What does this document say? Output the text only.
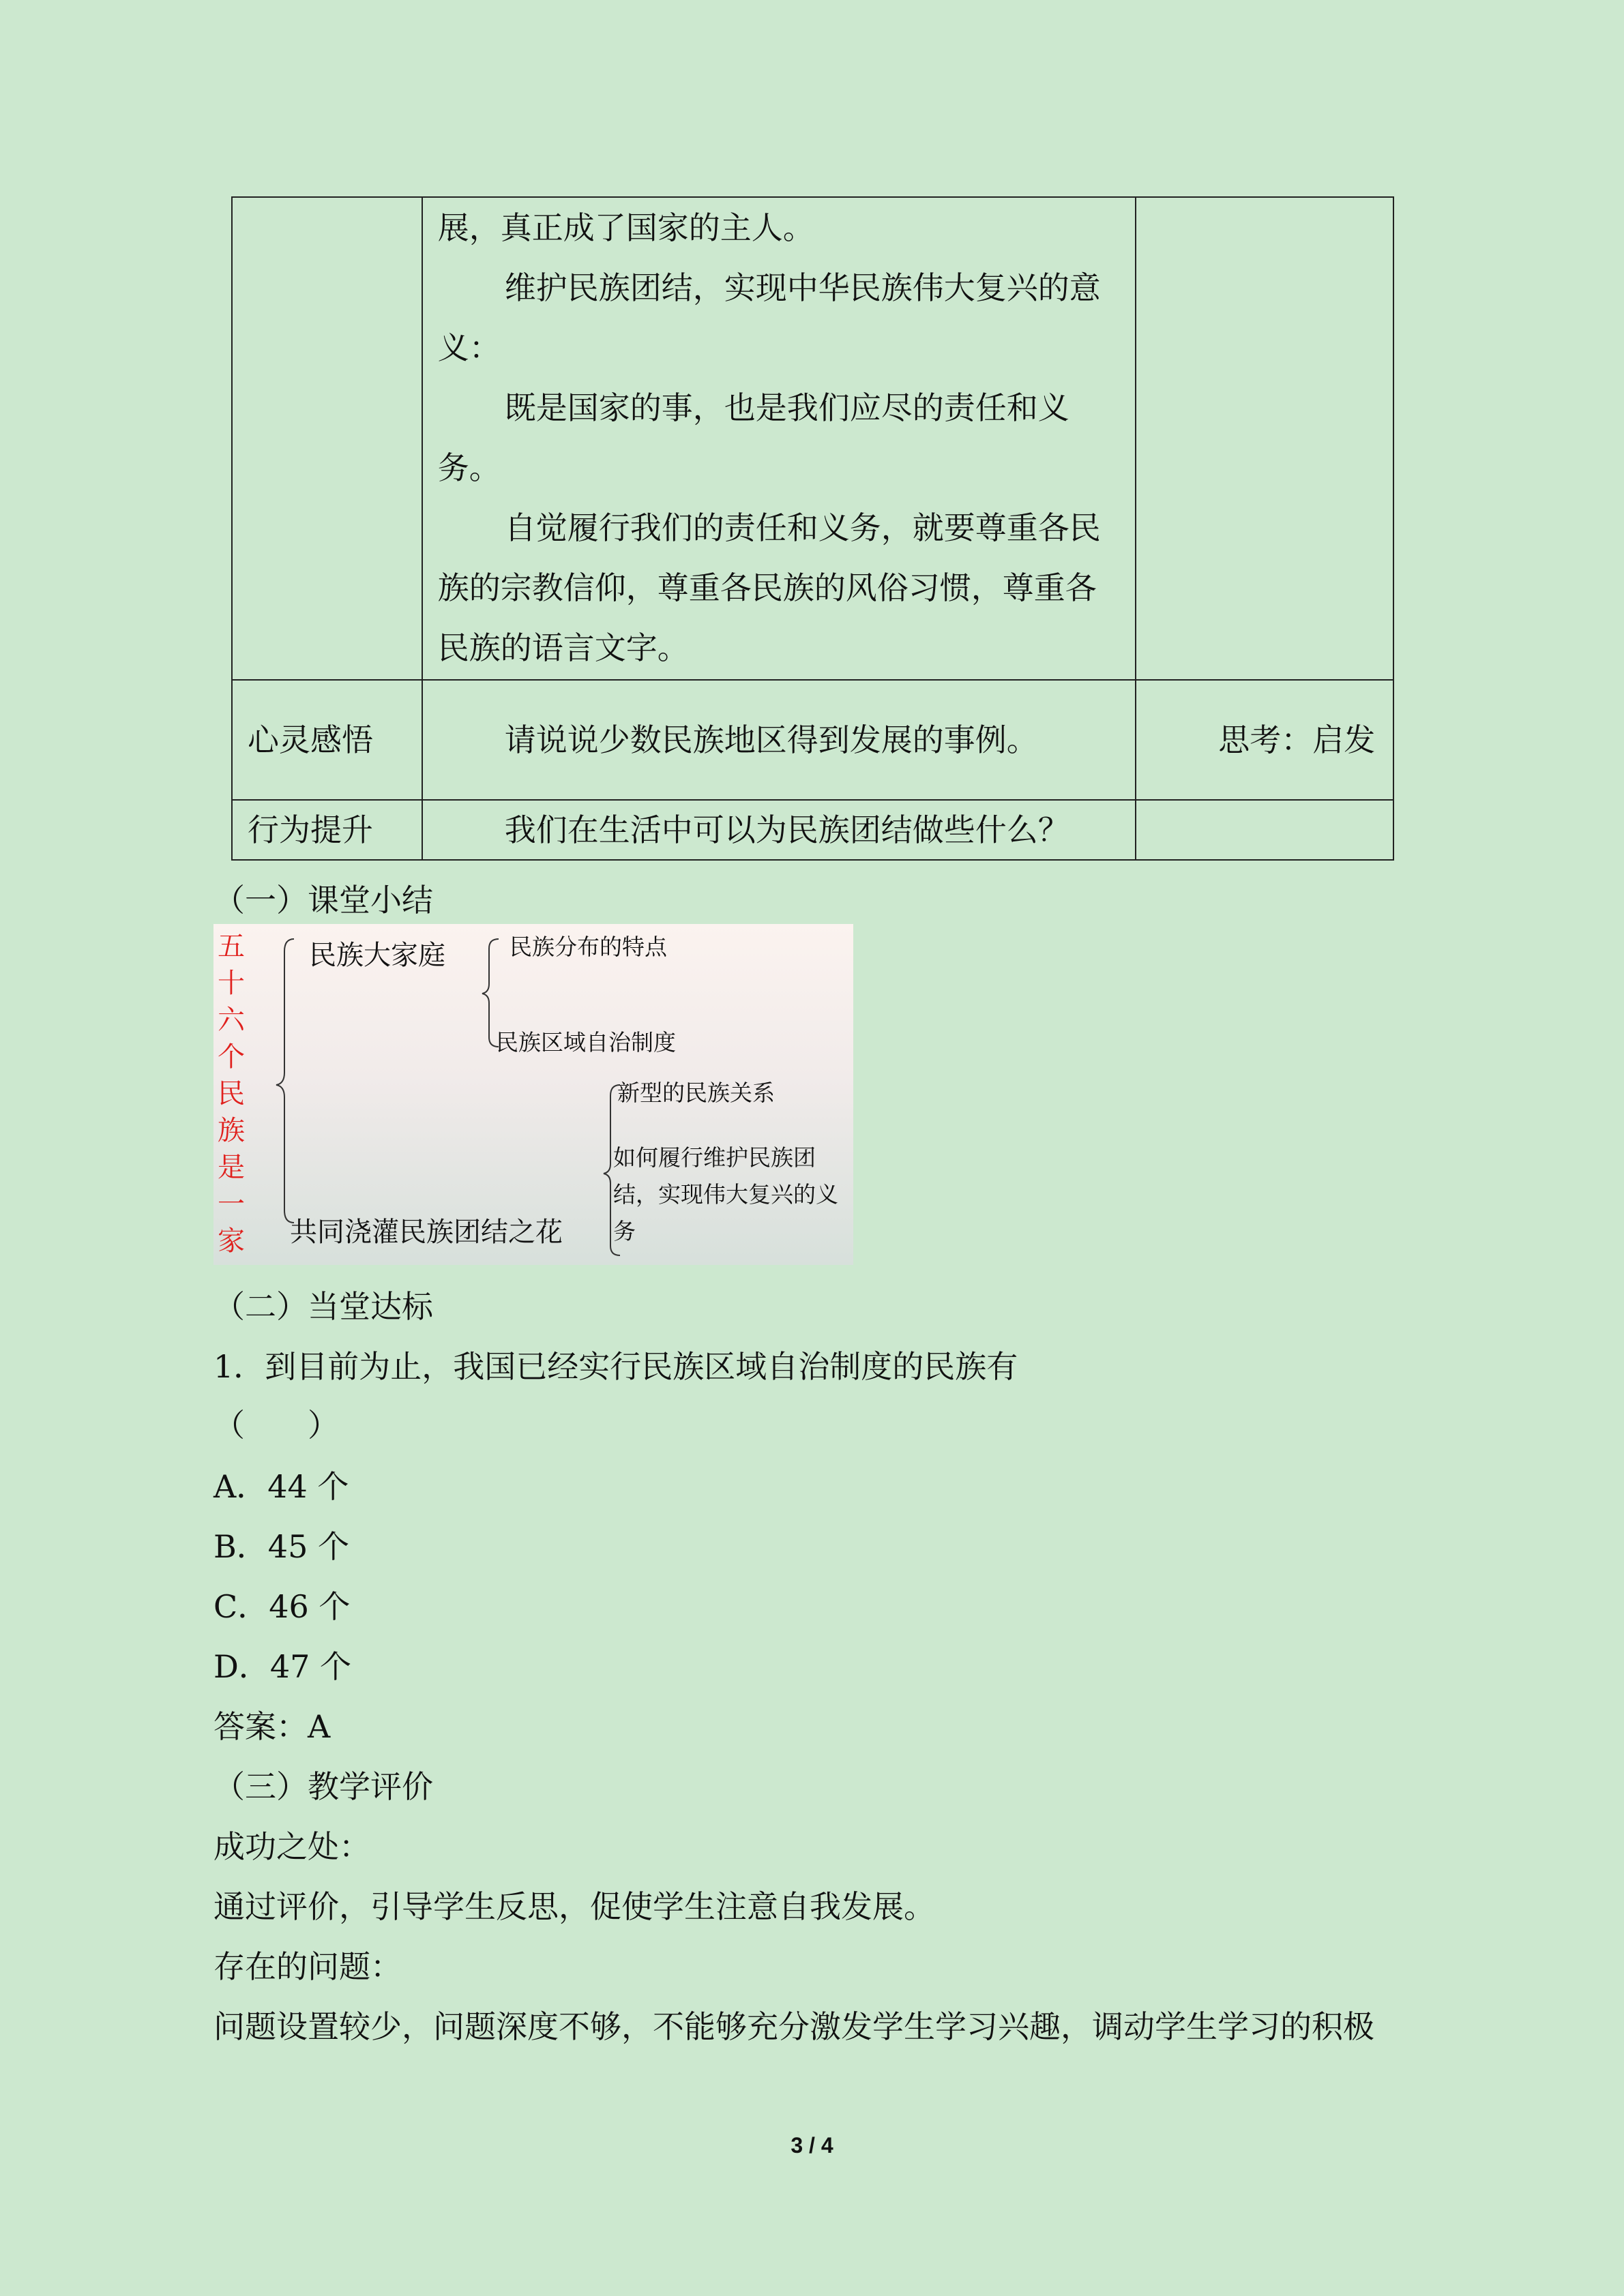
	展，真正成了国家的主人。
维护民族团结，实现中华民族伟大复兴的意义：
既是国家的事，也是我们应尽的责任和义务。
自觉履行我们的责任和义务，就要尊重各民族的宗教信仰，尊重各民族的风俗习惯，尊重各民族的语言文字。	

心灵感悟	请说说少数民族地区得到发展的事例。	思考：启发

行为提升	我们在生活中可以为民族团结做些什么？	

（一）课堂小结
五十六个民族是一家
民族大家庭	民族分布的特点
民族区域自治制度
新型的民族关系
共同浇灌民族团结之花
如何履行维护民族团结，实现伟大复兴的义务
（二）当堂达标
1．到目前为止，我国已经实行民族区域自治制度的民族有
（　　）
A．44 个
B．45 个
C．46 个
D．47 个
答案：A
（三）教学评价
成功之处：
通过评价，引导学生反思，促使学生注意自我发展。
存在的问题：
问题设置较少，问题深度不够，不能够充分激发学生学习兴趣，调动学生学习的积极
3 / 4
